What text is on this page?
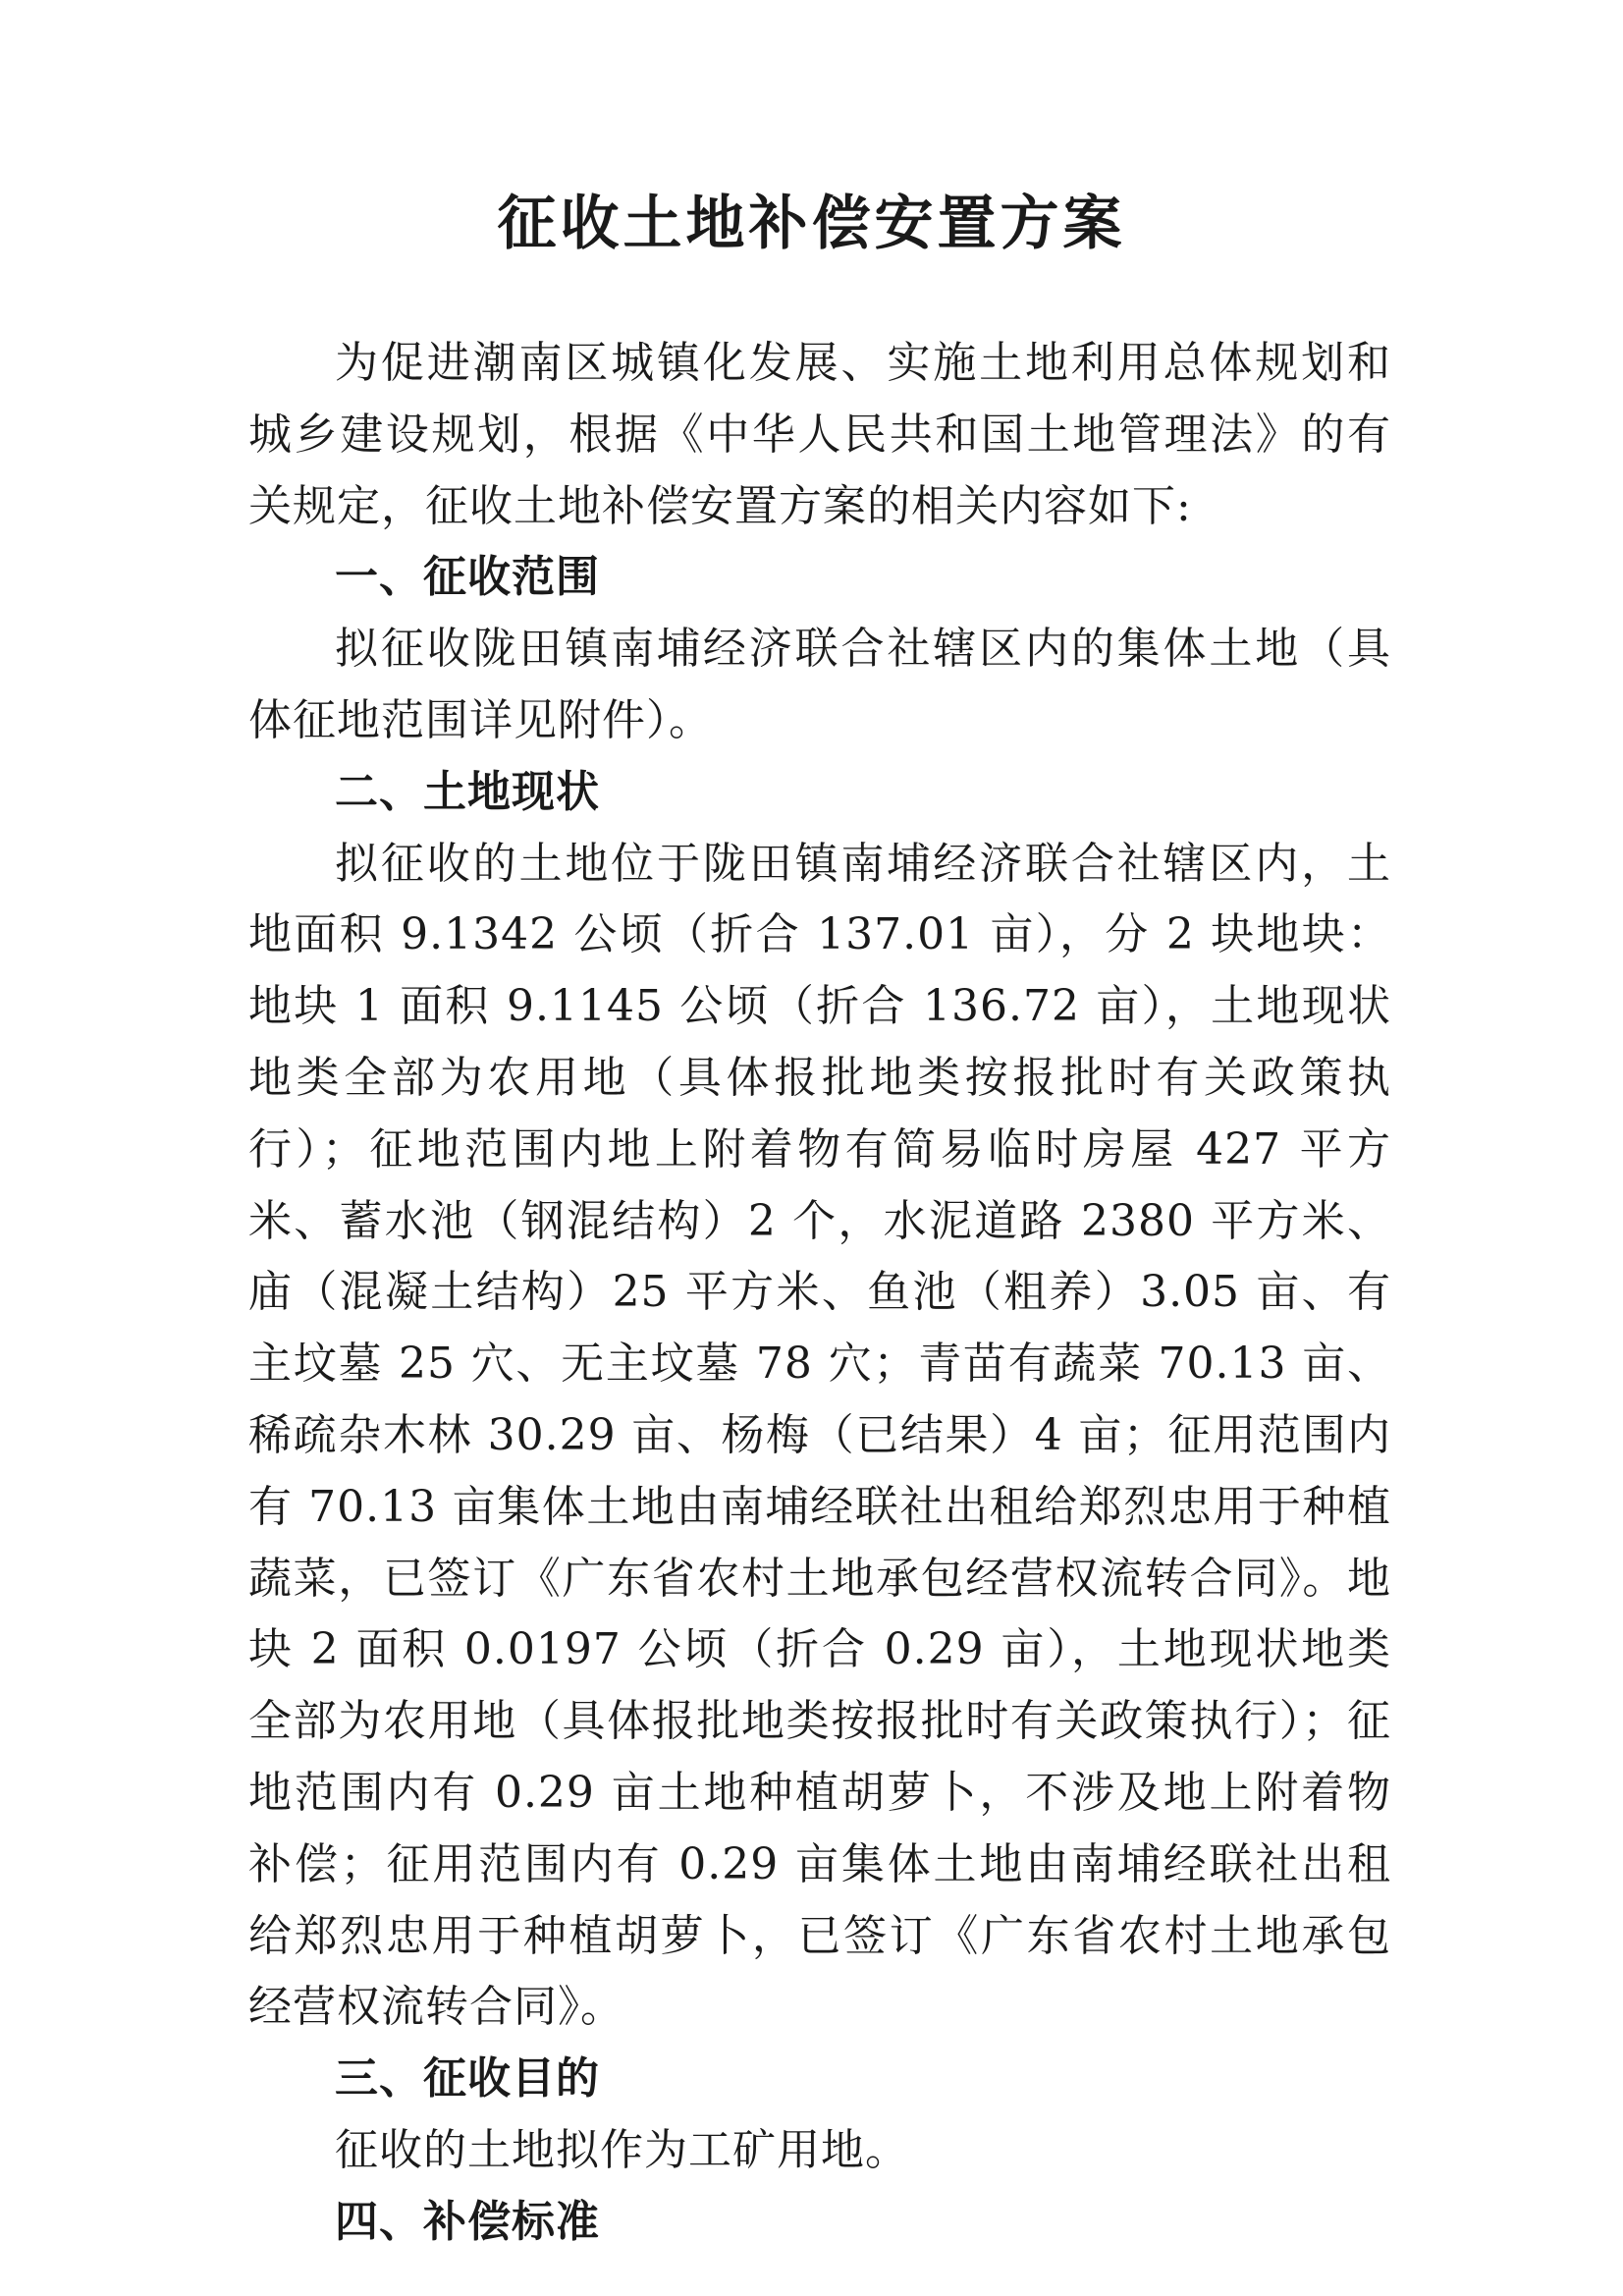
征收土地补偿安置方案

为促进潮南区城镇化发展、实施土地利用总体规划和城乡建设规划，根据《中华人民共和国土地管理法》的有关规定，征收土地补偿安置方案的相关内容如下:

一、征收范围

拟征收陇田镇南埔经济联合社辖区内的集体土地（具体征地范围详见附件）。

二、土地现状

拟征收的土地位于陇田镇南埔经济联合社辖区内，土地面积 9.1342 公顷（折合 137.01 亩），分 2 块地块：地块 1 面积 9.1145 公顷（折合 136.72 亩），土地现状地类全部为农用地（具体报批地类按报批时有关政策执行）；征地范围内地上附着物有简易临时房屋 427 平方米、蓄水池（钢混结构）2 个，水泥道路 2380 平方米、庙（混凝土结构）25 平方米、鱼池（粗养）3.05 亩、有主坟墓 25 穴、无主坟墓 78 穴；青苗有蔬菜 70.13 亩、稀疏杂木林 30.29 亩、杨梅（已结果）4 亩；征用范围内有 70.13 亩集体土地由南埔经联社出租给郑烈忠用于种植蔬菜，已签订《广东省农村土地承包经营权流转合同》。地块 2 面积 0.0197 公顷（折合 0.29 亩），土地现状地类全部为农用地（具体报批地类按报批时有关政策执行）；征地范围内有 0.29 亩土地种植胡萝卜，不涉及地上附着物补偿；征用范围内有 0.29 亩集体土地由南埔经联社出租给郑烈忠用于种植胡萝卜，已签订《广东省农村土地承包经营权流转合同》。

三、征收目的

征收的土地拟作为工矿用地。

四、补偿标准
